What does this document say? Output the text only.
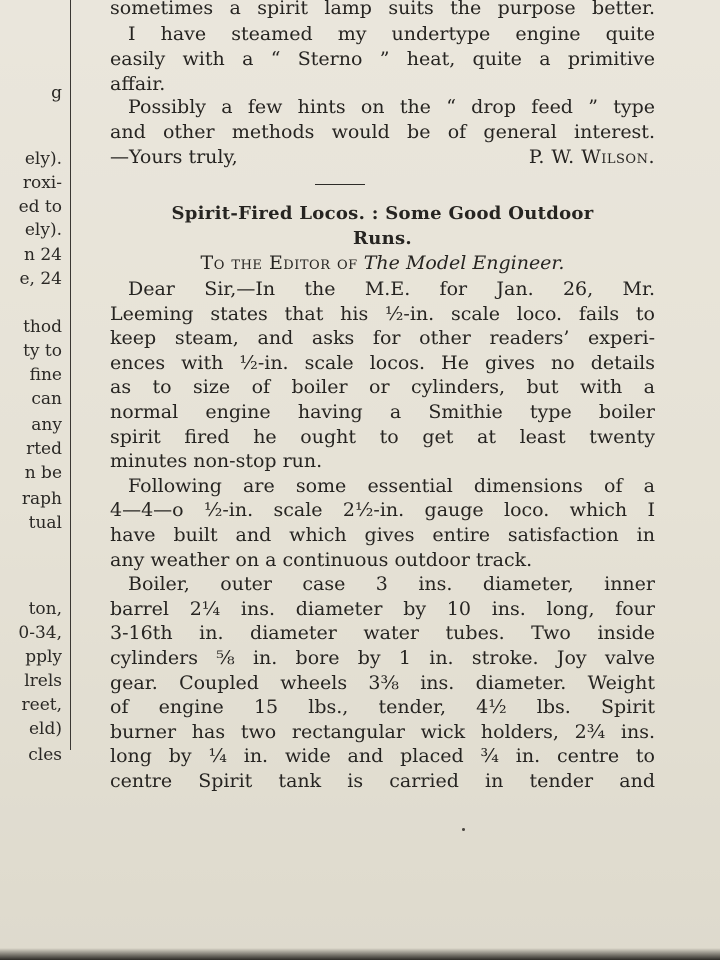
g
ely).
roxi-
ed to
ely).
n 24
e, 24
thod
ty to
fine
can
any
rted
n be
raph
tual
ton,
0-34,
pply
lrels
reet,
eld)
cles
sometimes a spirit lamp suits the purpose better.
I have steamed my undertype engine quite
easily with a “ Sterno ” heat, quite a primitive
affair.
Possibly a few hints on the “ drop feed ” type
and other methods would be of general interest.
—Yours truly,	P. W. Wilson.
Spirit-Fired Locos. : Some Good Outdoor
Runs.
To the Editor of The Model Engineer.
Dear Sir,—In the M.E. for Jan. 26, Mr.
Leeming states that his ½-in. scale loco. fails to
keep steam, and asks for other readers’ experi-
ences with ½-in. scale locos. He gives no details
as to size of boiler or cylinders, but with a
normal engine having a Smithie type boiler
spirit fired he ought to get at least twenty
minutes non-stop run.
Following are some essential dimensions of a
4—4—o ½-in. scale 2½-in. gauge loco. which I
have built and which gives entire satisfaction in
any weather on a continuous outdoor track.
Boiler, outer case 3 ins. diameter, inner
barrel 2¼ ins. diameter by 10 ins. long, four
3-16th in. diameter water tubes. Two inside
cylinders ⅝ in. bore by 1 in. stroke. Joy valve
gear. Coupled wheels 3⅜ ins. diameter. Weight
of engine 15 lbs., tender, 4½ lbs. Spirit
burner has two rectangular wick holders, 2¾ ins.
long by ¼ in. wide and placed ¾ in. centre to
centre Spirit tank is carried in tender and
